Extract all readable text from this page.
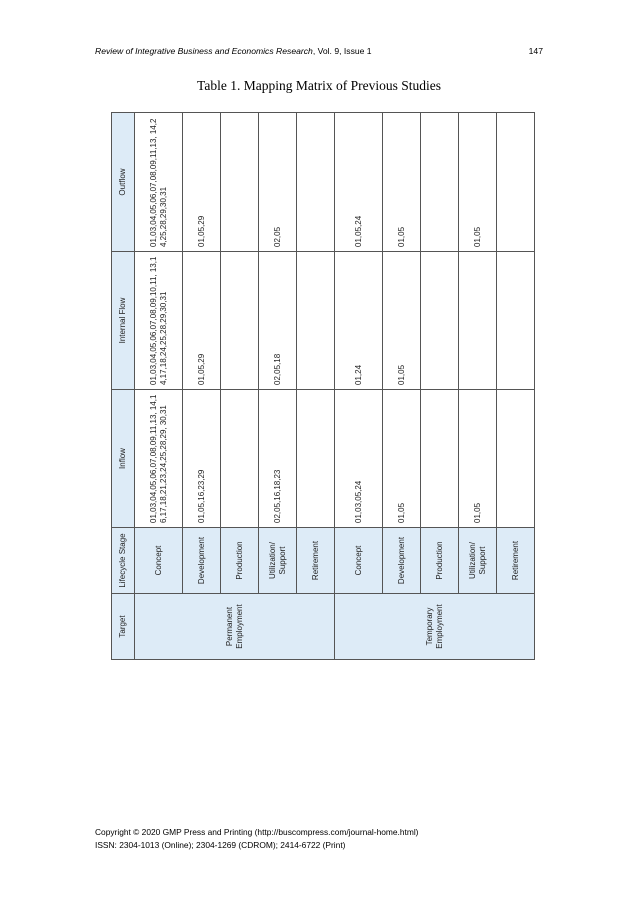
Review of Integrative Business and Economics Research, Vol. 9, Issue 1	147
Table 1. Mapping Matrix of Previous Studies
Target	Lifecycle Stage	Inflow	Internal Flow	Outflow
Permanent Employment	Concept	01,03,04,05,06,07,08,09,11,13, 14,16,17,18,21,23,24,25,28,29, 30,31	01,03,04,05,06,07,08,09,10,11, 13,14,17,18,24,25,28,29,30,31	01,03,04,05,06,07,08,09,11,13, 14,24,25,28,29,30,31
	Development	01,05,16,23,29	01,05,29	01,05,29
	Production			
	Utilization/ Support	02,05,16,18,23	02,05,18	02,05
	Retirement			
Temporary Employment	Concept	01,03,05,24	01,24	01,05,24
	Development	01,05	01,05	01,05
	Production			
	Utilization/ Support	01,05		01,05
	Retirement			
Copyright © 2020 GMP Press and Printing (http://buscompress.com/journal-home.html)
ISSN: 2304-1013 (Online); 2304-1269 (CDROM); 2414-6722 (Print)
